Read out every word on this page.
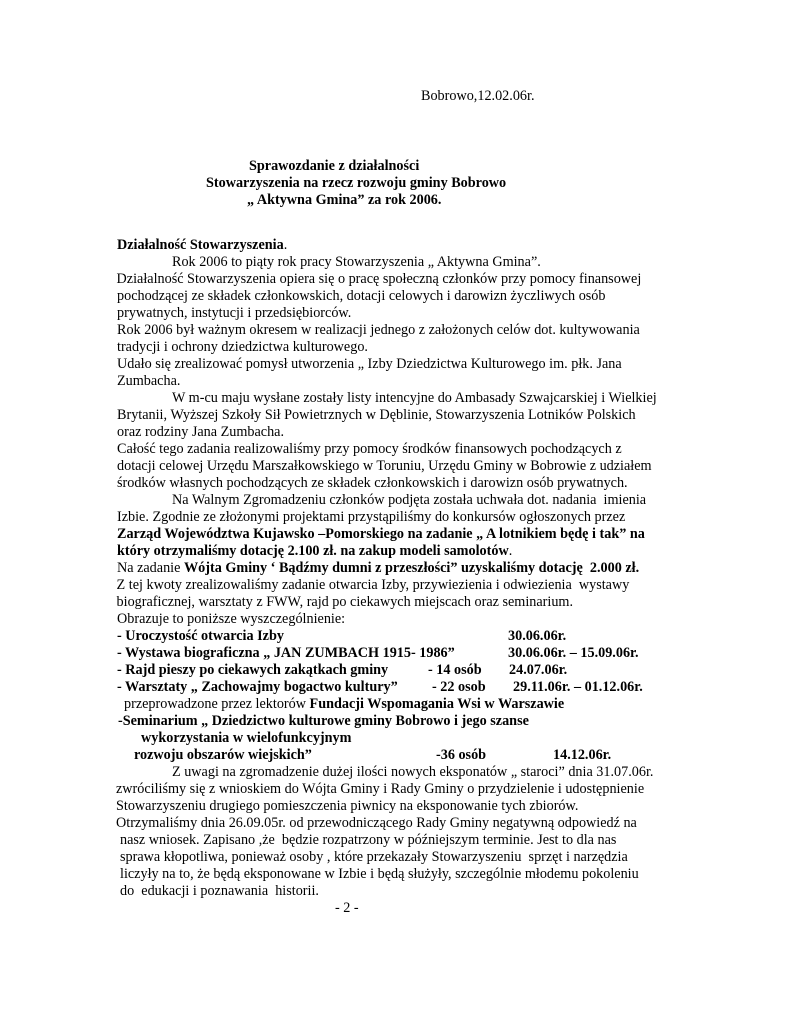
Bobrowo,12.02.06r.
Sprawozdanie z działalności
Stowarzyszenia na rzecz rozwoju gminy Bobrowo
„ Aktywna Gmina” za rok 2006.
Działalność Stowarzyszenia.
Rok 2006 to piąty rok pracy Stowarzyszenia „ Aktywna Gmina”.
Działalność Stowarzyszenia opiera się o pracę społeczną członków przy pomocy finansowej
pochodzącej ze składek członkowskich, dotacji celowych i darowizn życzliwych osób
prywatnych, instytucji i przedsiębiorców.
Rok 2006 był ważnym okresem w realizacji jednego z założonych celów dot. kultywowania
tradycji i ochrony dziedzictwa kulturowego.
Udało się zrealizować pomysł utworzenia „ Izby Dziedzictwa Kulturowego im. płk. Jana
Zumbacha.
W m-cu maju wysłane zostały listy intencyjne do Ambasady Szwajcarskiej i Wielkiej
Brytanii, Wyższej Szkoły Sił Powietrznych w Dęblinie, Stowarzyszenia Lotników Polskich
oraz rodziny Jana Zumbacha.
Całość tego zadania realizowaliśmy przy pomocy środków finansowych pochodzących z
dotacji celowej Urzędu Marszałkowskiego w Toruniu, Urzędu Gminy w Bobrowie z udziałem
środków własnych pochodzących ze składek członkowskich i darowizn osób prywatnych.
Na Walnym Zgromadzeniu członków podjęta została uchwała dot. nadania  imienia
Izbie. Zgodnie ze złożonymi projektami przystąpiliśmy do konkursów ogłoszonych przez
Zarząd Województwa Kujawsko –Pomorskiego na zadanie „ A lotnikiem będę i tak” na
który otrzymaliśmy dotację 2.100 zł. na zakup modeli samolotów.
Na zadanie Wójta Gminy ‘ Bądźmy dumni z przeszłości” uzyskaliśmy dotację  2.000 zł.
Z tej kwoty zrealizowaliśmy zadanie otwarcia Izby, przywiezienia i odwiezienia  wystawy
biograficznej, warsztaty z FWW, rajd po ciekawych miejscach oraz seminarium.
Obrazuje to poniższe wyszczególnienie:
- Uroczystość otwarcia Izby	30.06.06r.
- Wystawa biograficzna „ JAN ZUMBACH 1915- 1986”	30.06.06r. – 15.09.06r.
- Rajd pieszy po ciekawych zakątkach gminy	- 14 osób 24.07.06r.
- Warsztaty „ Zachowajmy bogactwo kultury” - 22 osob 29.11.06r. – 01.12.06r.
przeprowadzone przez lektorów Fundacji Wspomagania Wsi w Warszawie
-Seminarium „ Dziedzictwo kulturowe gminy Bobrowo i jego szanse
wykorzystania w wielofunkcyjnym
rozwoju obszarów wiejskich”	-36 osób	14.12.06r.
Z uwagi na zgromadzenie dużej ilości nowych eksponatów „ staroci” dnia 31.07.06r.
zwróciliśmy się z wnioskiem do Wójta Gminy i Rady Gminy o przydzielenie i udostępnienie
Stowarzyszeniu drugiego pomieszczenia piwnicy na eksponowanie tych zbiorów.
Otrzymaliśmy dnia 26.09.05r. od przewodniczącego Rady Gminy negatywną odpowiedź na
nasz wniosek. Zapisano ,że  będzie rozpatrzony w późniejszym terminie. Jest to dla nas
sprawa kłopotliwa, ponieważ osoby , które przekazały Stowarzyszeniu  sprzęt i narzędzia
liczyły na to, że będą eksponowane w Izbie i będą służyły, szczególnie młodemu pokoleniu
do  edukacji i poznawania  historii.
- 2 -
